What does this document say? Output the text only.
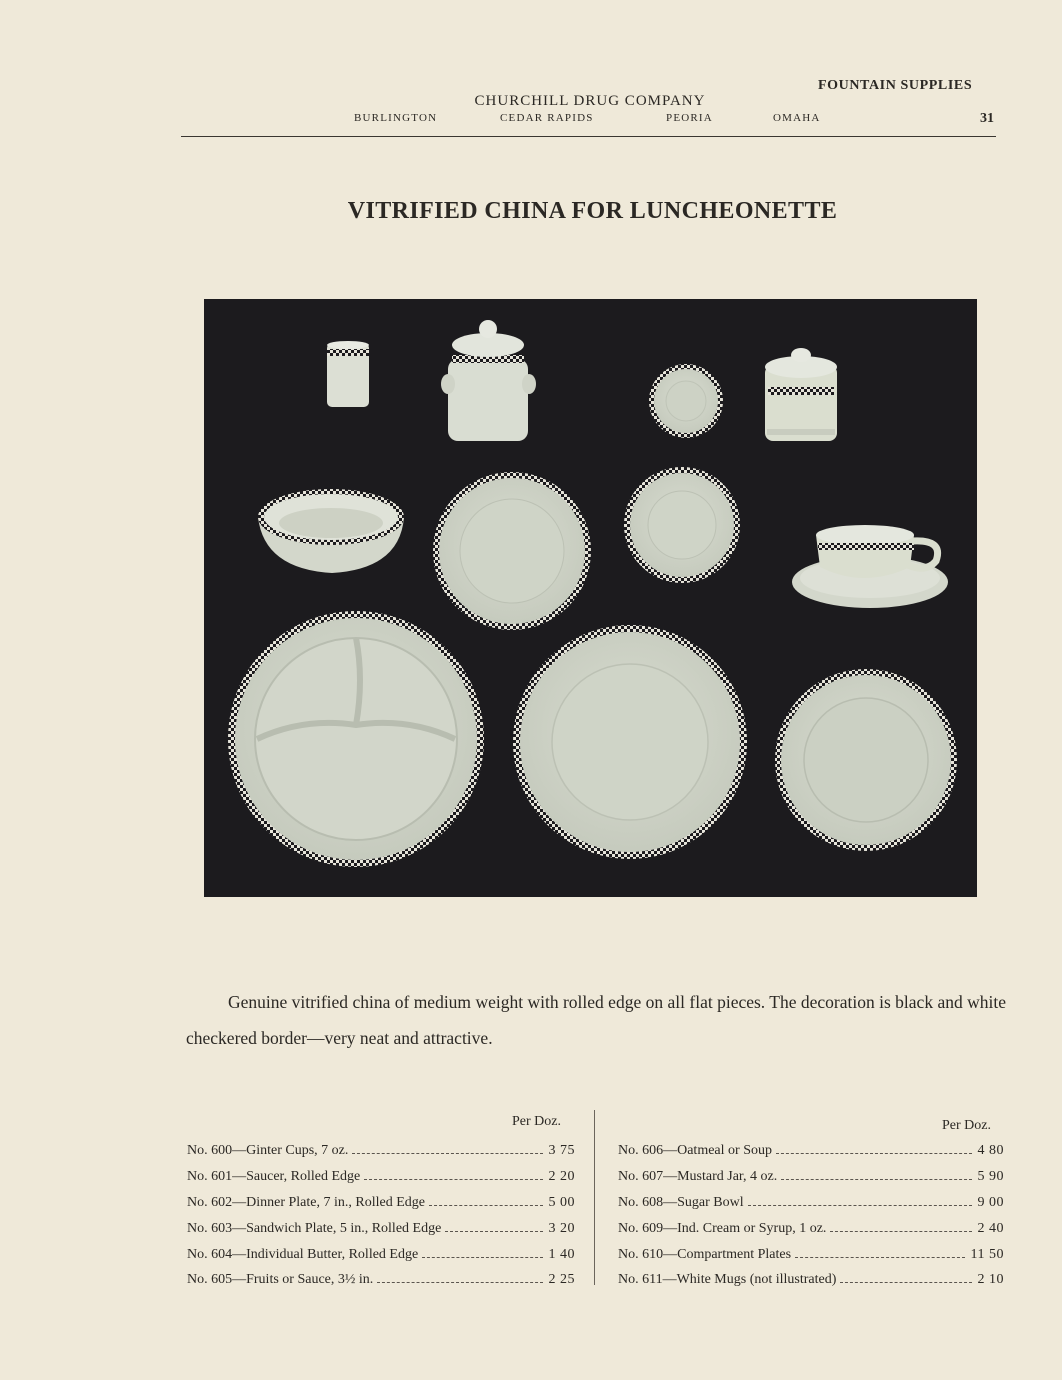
FOUNTAIN SUPPLIES
CHURCHILL DRUG COMPANY
BURLINGTON	CEDAR RAPIDS	PEORIA	OMAHA	31
VITRIFIED CHINA FOR LUNCHEONETTE

Genuine vitrified china of medium weight with rolled edge on all flat pieces. The decoration is black and white checkered border—very neat and attractive.

Per Doz.	Per Doz.
No. 600—Ginter Cups, 7 oz.	3 75
No. 601—Saucer, Rolled Edge	2 20
No. 602—Dinner Plate, 7 in., Rolled Edge	5 00
No. 603—Sandwich Plate, 5 in., Rolled Edge	3 20
No. 604—Individual Butter, Rolled Edge	1 40
No. 605—Fruits or Sauce, 3½ in.	2 25
No. 606—Oatmeal or Soup	4 80
No. 607—Mustard Jar, 4 oz.	5 90
No. 608—Sugar Bowl	9 00
No. 609—Ind. Cream or Syrup, 1 oz.	2 40
No. 610—Compartment Plates	11 50
No. 611—White Mugs (not illustrated)	2 10
